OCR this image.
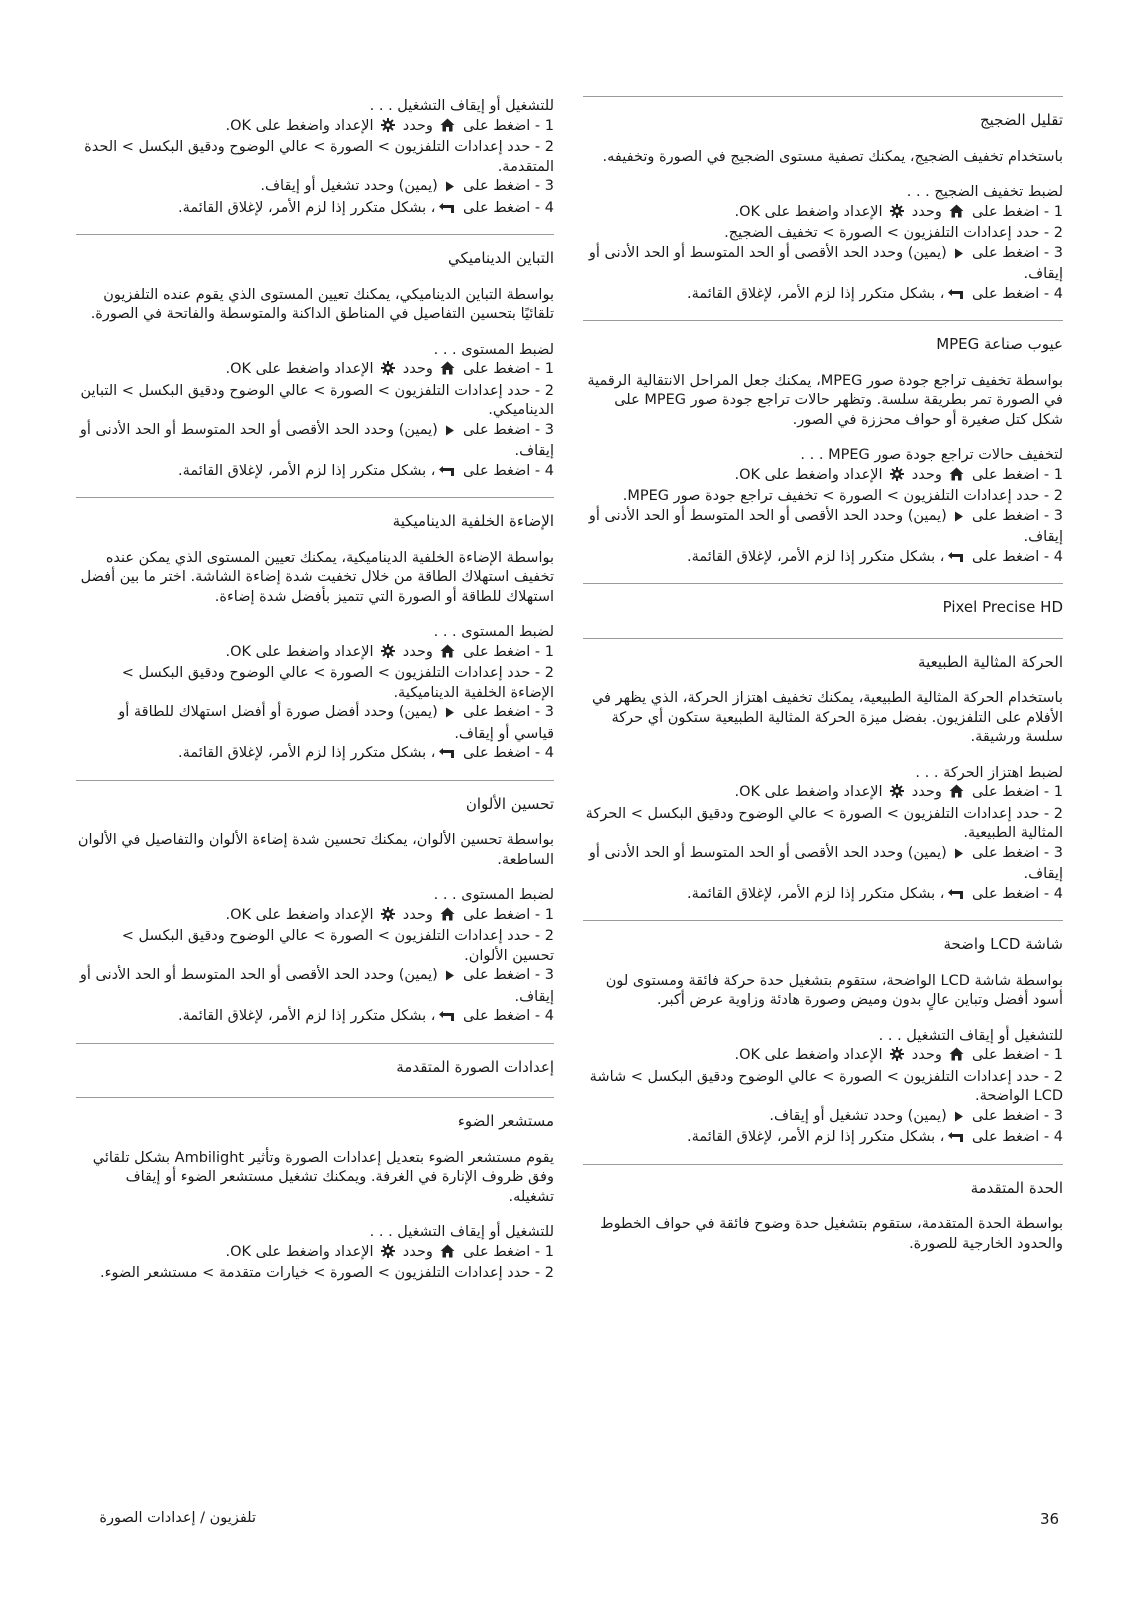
تقليل الضجيج

باستخدام تخفيف الضجيج، يمكنك تصفية مستوى الضجيج في الصورة وتخفيفه.

لضبط تخفيف الضجيج . . .

1 - اضغط على  وحدد  الإعداد واضغط على OK.
2 - حدد إعدادات التلفزيون > الصورة > تخفيف الضجيج.
3 - اضغط على  (يمين) وحدد الحد الأقصى أو الحد المتوسط أو الحد الأدنى أو إيقاف.
4 - اضغط على ، بشكل متكرر إذا لزم الأمر، لإغلاق القائمة.
عيوب صناعة MPEG

بواسطة تخفيف تراجع جودة صور MPEG، يمكنك جعل المراحل الانتقالية الرقمية في الصورة تمر بطريقة سلسة. وتظهر حالات تراجع جودة صور MPEG على شكل كتل صغيرة أو حواف محززة في الصور.

لتخفيف حالات تراجع جودة صور MPEG . . .

1 - اضغط على  وحدد  الإعداد واضغط على OK.
2 - حدد إعدادات التلفزيون > الصورة > تخفيف تراجع جودة صور MPEG.
3 - اضغط على  (يمين) وحدد الحد الأقصى أو الحد المتوسط أو الحد الأدنى أو إيقاف.
4 - اضغط على ، بشكل متكرر إذا لزم الأمر، لإغلاق القائمة.
Pixel Precise HD
الحركة المثالية الطبيعية

باستخدام الحركة المثالية الطبيعية، يمكنك تخفيف اهتزاز الحركة، الذي يظهر في الأفلام على التلفزيون. بفضل ميزة الحركة المثالية الطبيعية ستكون أي حركة سلسة ورشيقة.

لضبط اهتزاز الحركة . . .

1 - اضغط على  وحدد  الإعداد واضغط على OK.
2 - حدد إعدادات التلفزيون > الصورة > عالي الوضوح ودقيق البكسل > الحركة المثالية الطبيعية.
3 - اضغط على  (يمين) وحدد الحد الأقصى أو الحد المتوسط أو الحد الأدنى أو إيقاف.
4 - اضغط على ، بشكل متكرر إذا لزم الأمر، لإغلاق القائمة.
شاشة LCD واضحة

بواسطة شاشة LCD الواضحة، ستقوم بتشغيل حدة حركة فائقة ومستوى لون أسود أفضل وتباين عالٍ بدون وميض وصورة هادئة وزاوية عرض أكبر.

للتشغيل أو إيقاف التشغيل . . .

1 - اضغط على  وحدد  الإعداد واضغط على OK.
2 - حدد إعدادات التلفزيون > الصورة > عالي الوضوح ودقيق البكسل > شاشة LCD الواضحة.
3 - اضغط على  (يمين) وحدد تشغيل أو إيقاف.
4 - اضغط على ، بشكل متكرر إذا لزم الأمر، لإغلاق القائمة.
الحدة المتقدمة

بواسطة الحدة المتقدمة، ستقوم بتشغيل حدة وضوح فائقة في حواف الخطوط والحدود الخارجية للصورة.

للتشغيل أو إيقاف التشغيل . . .

1 - اضغط على  وحدد  الإعداد واضغط على OK.
2 - حدد إعدادات التلفزيون > الصورة > عالي الوضوح ودقيق البكسل > الحدة المتقدمة.
3 - اضغط على  (يمين) وحدد تشغيل أو إيقاف.
4 - اضغط على ، بشكل متكرر إذا لزم الأمر، لإغلاق القائمة.
التباين الديناميكي

بواسطة التباين الديناميكي، يمكنك تعيين المستوى الذي يقوم عنده التلفزيون تلقائيًا بتحسين التفاصيل في المناطق الداكنة والمتوسطة والفاتحة في الصورة.

لضبط المستوى . . .

1 - اضغط على  وحدد  الإعداد واضغط على OK.
2 - حدد إعدادات التلفزيون > الصورة > عالي الوضوح ودقيق البكسل > التباين الديناميكي.
3 - اضغط على  (يمين) وحدد الحد الأقصى أو الحد المتوسط أو الحد الأدنى أو إيقاف.
4 - اضغط على ، بشكل متكرر إذا لزم الأمر، لإغلاق القائمة.
الإضاءة الخلفية الديناميكية

بواسطة الإضاءة الخلفية الديناميكية، يمكنك تعيين المستوى الذي يمكن عنده تخفيف استهلاك الطاقة من خلال تخفيت شدة إضاءة الشاشة. اختر ما بين أفضل استهلاك للطاقة أو الصورة التي تتميز بأفضل شدة إضاءة.

لضبط المستوى . . .

1 - اضغط على  وحدد  الإعداد واضغط على OK.
2 - حدد إعدادات التلفزيون > الصورة > عالي الوضوح ودقيق البكسل > الإضاءة الخلفية الديناميكية.
3 - اضغط على  (يمين) وحدد أفضل صورة أو أفضل استهلاك للطاقة أو قياسي أو إيقاف.
4 - اضغط على ، بشكل متكرر إذا لزم الأمر، لإغلاق القائمة.
تحسين الألوان

بواسطة تحسين الألوان، يمكنك تحسين شدة إضاءة الألوان والتفاصيل في الألوان الساطعة.

لضبط المستوى . . .

1 - اضغط على  وحدد  الإعداد واضغط على OK.
2 - حدد إعدادات التلفزيون > الصورة > عالي الوضوح ودقيق البكسل > تحسين الألوان.
3 - اضغط على  (يمين) وحدد الحد الأقصى أو الحد المتوسط أو الحد الأدنى أو إيقاف.
4 - اضغط على ، بشكل متكرر إذا لزم الأمر، لإغلاق القائمة.
إعدادات الصورة المتقدمة
مستشعر الضوء

يقوم مستشعر الضوء بتعديل إعدادات الصورة وتأثير Ambilight بشكل تلقائي وفق ظروف الإنارة في الغرفة. ويمكنك تشغيل مستشعر الضوء أو إيقاف تشغيله.

للتشغيل أو إيقاف التشغيل . . .

1 - اضغط على  وحدد  الإعداد واضغط على OK.
2 - حدد إعدادات التلفزيون > الصورة > خيارات متقدمة > مستشعر الضوء.
36
تلفزيون / إعدادات الصورة
